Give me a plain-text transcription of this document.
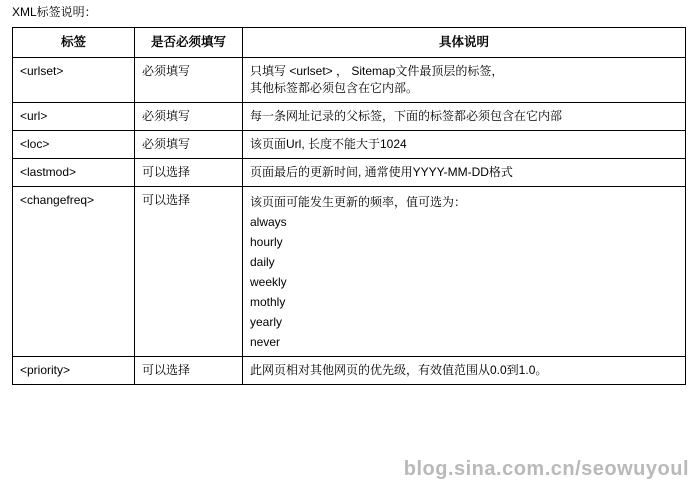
XML标签说明：
标签	是否必须填写	具体说明
<urlset>	必须填写	只填写 <urlset> ， Sitemap文件最顶层的标签，
其他标签都必须包含在它内部。

<url>	必须填写	每一条网址记录的父标签，下面的标签都必须包含在它内部

<loc>	必须填写	该页面Url, 长度不能大于1024

<lastmod>	可以选择	页面最后的更新时间, 通常使用YYYY-MM-DD格式

<changefreq>	可以选择	该页面可能发生更新的频率，值可选为：
always
hourly
daily
weekly
mothly
yearly
never

<priority>	可以选择	此网页相对其他网页的优先级，有效值范围从0.0到1.0。
blog.sina.com.cn/seowuyoul
